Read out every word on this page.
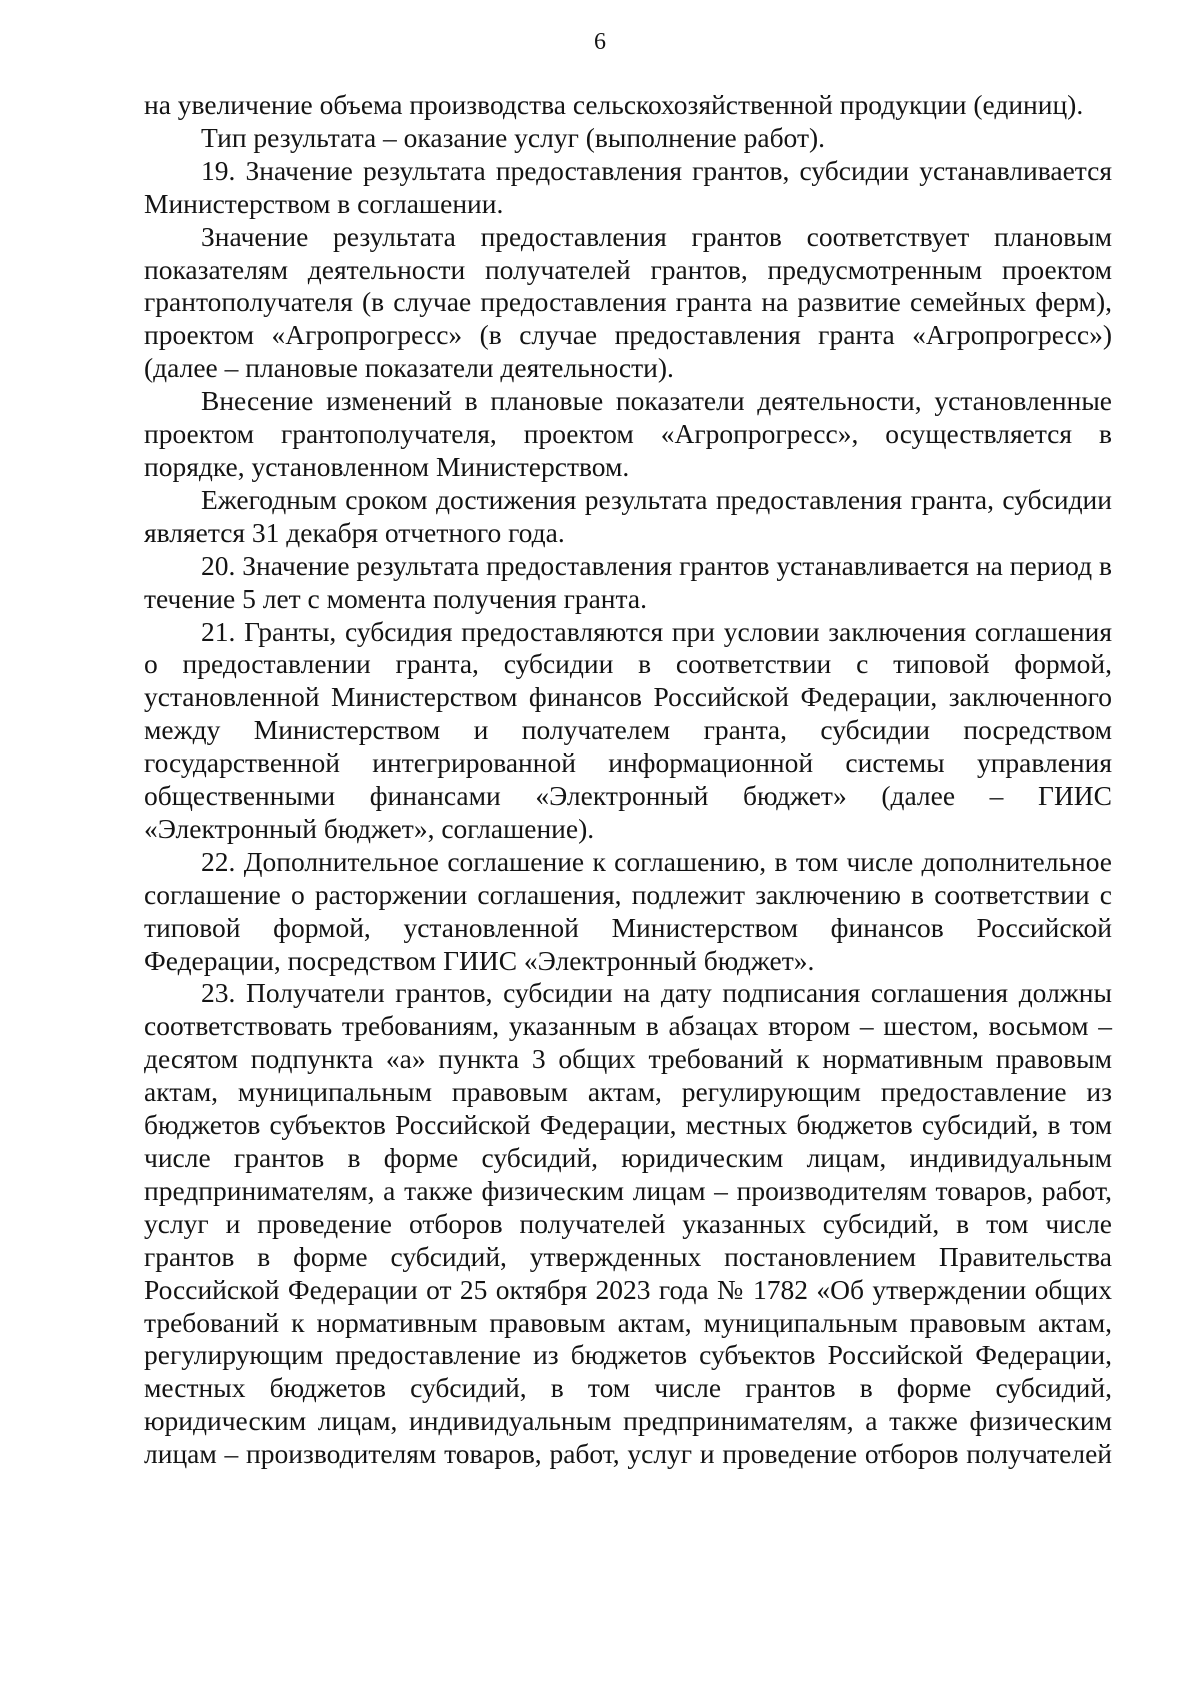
6

на увеличение объема производства сельскохозяйственной продукции (единиц).

Тип результата – оказание услуг (выполнение работ).

19. Значение результата предоставления грантов, субсидии устанавливается Министерством в соглашении.

Значение результата предоставления грантов соответствует плановым показателям деятельности получателей грантов, предусмотренным проектом грантополучателя (в случае предоставления гранта на развитие семейных ферм), проектом «Агропрогресс» (в случае предоставления гранта «Агропрогресс») (далее – плановые показатели деятельности).

Внесение изменений в плановые показатели деятельности, установленные проектом грантополучателя, проектом «Агропрогресс», осуществляется в порядке, установленном Министерством.

Ежегодным сроком достижения результата предоставления гранта, субсидии является 31 декабря отчетного года.

20. Значение результата предоставления грантов устанавливается на период в течение 5 лет с момента получения гранта.

21. Гранты, субсидия предоставляются при условии заключения соглашения о предоставлении гранта, субсидии в соответствии с типовой формой, установленной Министерством финансов Российской Федерации, заключенного между Министерством и получателем гранта, субсидии посредством государственной интегрированной информационной системы управления общественными финансами «Электронный бюджет» (далее – ГИИС «Электронный бюджет», соглашение).

22. Дополнительное соглашение к соглашению, в том числе дополнительное соглашение о расторжении соглашения, подлежит заключению в соответствии с типовой формой, установленной Министерством финансов Российской Федерации, посредством ГИИС «Электронный бюджет».

23. Получатели грантов, субсидии на дату подписания соглашения должны соответствовать требованиям, указанным в абзацах втором – шестом, восьмом – десятом подпункта «а» пункта 3 общих требований к нормативным правовым актам, муниципальным правовым актам, регулирующим предоставление из бюджетов субъектов Российской Федерации, местных бюджетов субсидий, в том числе грантов в форме субсидий, юридическим лицам, индивидуальным предпринимателям, а также физическим лицам – производителям товаров, работ, услуг и проведение отборов получателей указанных субсидий, в том числе грантов в форме субсидий, утвержденных постановлением Правительства Российской Федерации от 25 октября 2023 года № 1782 «Об утверждении общих требований к нормативным правовым актам, муниципальным правовым актам, регулирующим предоставление из бюджетов субъектов Российской Федерации, местных бюджетов субсидий, в том числе грантов в форме субсидий, юридическим лицам, индивидуальным предпринимателям, а также физическим лицам – производителям товаров, работ, услуг и проведение отборов получателей
